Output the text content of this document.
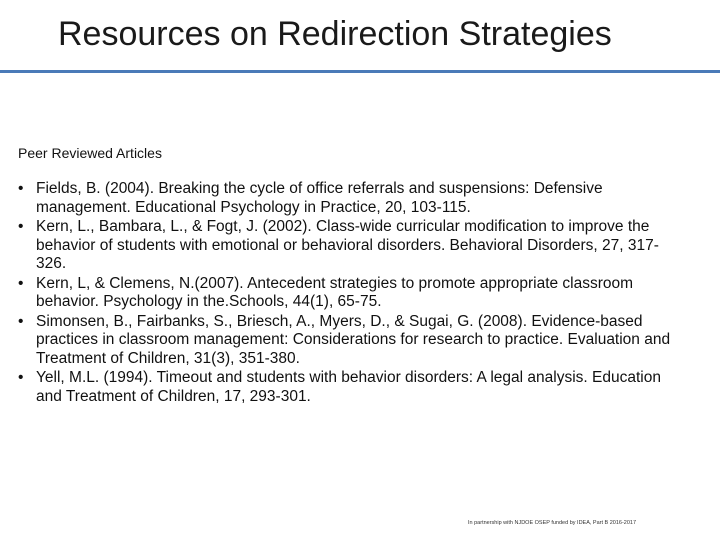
Resources on Redirection Strategies
Peer Reviewed Articles
• Fields, B. (2004). Breaking the cycle of office referrals and suspensions: Defensive management. Educational Psychology in Practice, 20, 103-115.
• Kern, L., Bambara, L., & Fogt, J. (2002). Class-wide curricular modification to improve the behavior of students with emotional or behavioral disorders. Behavioral Disorders, 27, 317-326.
• Kern, L, & Clemens, N.(2007). Antecedent strategies to promote appropriate classroom behavior. Psychology in the.Schools, 44(1), 65-75.
• Simonsen, B., Fairbanks, S., Briesch, A., Myers, D., & Sugai, G. (2008). Evidence-based practices in classroom management: Considerations for research to practice. Evaluation and Treatment of Children, 31(3), 351-380.
• Yell, M.L. (1994). Timeout and students with behavior disorders: A legal analysis. Education and Treatment of Children, 17, 293-301.
In partnership with NJDOE OSEP funded by IDEA, Part B 2016-2017
